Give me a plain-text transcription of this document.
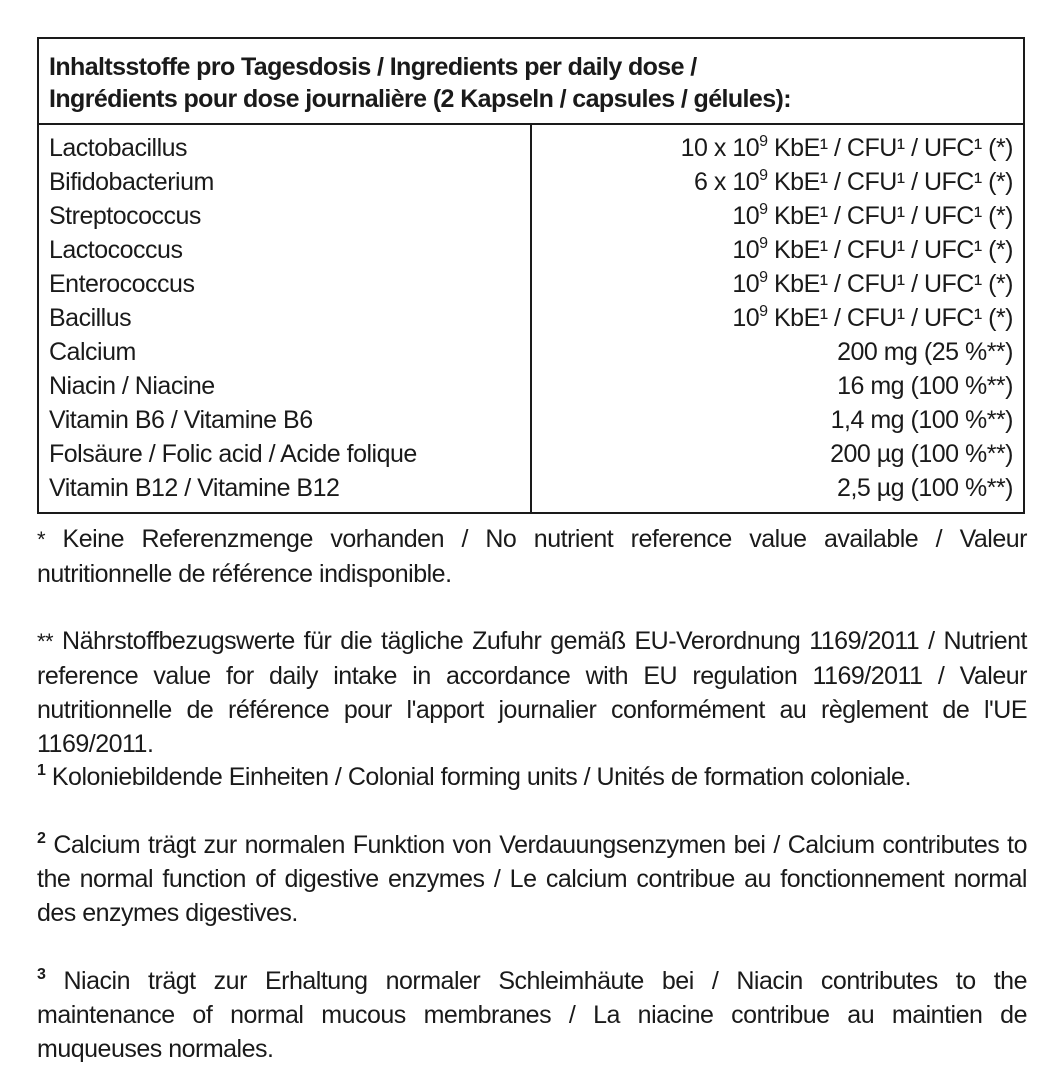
Inhaltsstoffe pro Tagesdosis / Ingredients per daily dose /
Ingrédients pour dose journalière (2 Kapseln / capsules / gélules):
Lactobacillus	10 x $10^9$ KbE¹ / CFU¹ / UFC¹ (*)
Bifidobacterium	6 x $10^9$ KbE¹ / CFU¹ / UFC¹ (*)
Streptococcus	$10^9$ KbE¹ / CFU¹ / UFC¹ (*)
Lactococcus	$10^9$ KbE¹ / CFU¹ / UFC¹ (*)
Enterococcus	$10^9$ KbE¹ / CFU¹ / UFC¹ (*)
Bacillus	$10^9$ KbE¹ / CFU¹ / UFC¹ (*)
Calcium	200 mg (25 %**)
Niacin / Niacine	16 mg (100 %**)
Vitamin B6 / Vitamine B6	1,4 mg (100 %**)
Folsäure / Folic acid / Acide folique	200 µg (100 %**)
Vitamin B12 / Vitamine B12	2,5 µg (100 %**)
* Keine Referenzmenge vorhanden / No nutrient reference value available / Valeur nutritionnelle de référence indisponible.
** Nährstoffbezugswerte für die tägliche Zufuhr gemäß EU-Verordnung 1169/2011 / Nutrient reference value for daily intake in accordance with EU regulation 1169/2011 / Valeur nutritionnelle de référence pour l'apport journalier conformément au règlement de l'UE 1169/2011.
$^1$ Koloniebildende Einheiten / Colonial forming units / Unités de formation coloniale.
$^2$ Calcium trägt zur normalen Funktion von Verdauungsenzymen bei / Calcium contributes to the normal function of digestive enzymes / Le calcium contribue au fonctionnement normal des enzymes digestives.
$^3$ Niacin trägt zur Erhaltung normaler Schleimhäute bei / Niacin contributes to the maintenance of normal mucous membranes / La niacine contribue au maintien de muqueuses normales.
